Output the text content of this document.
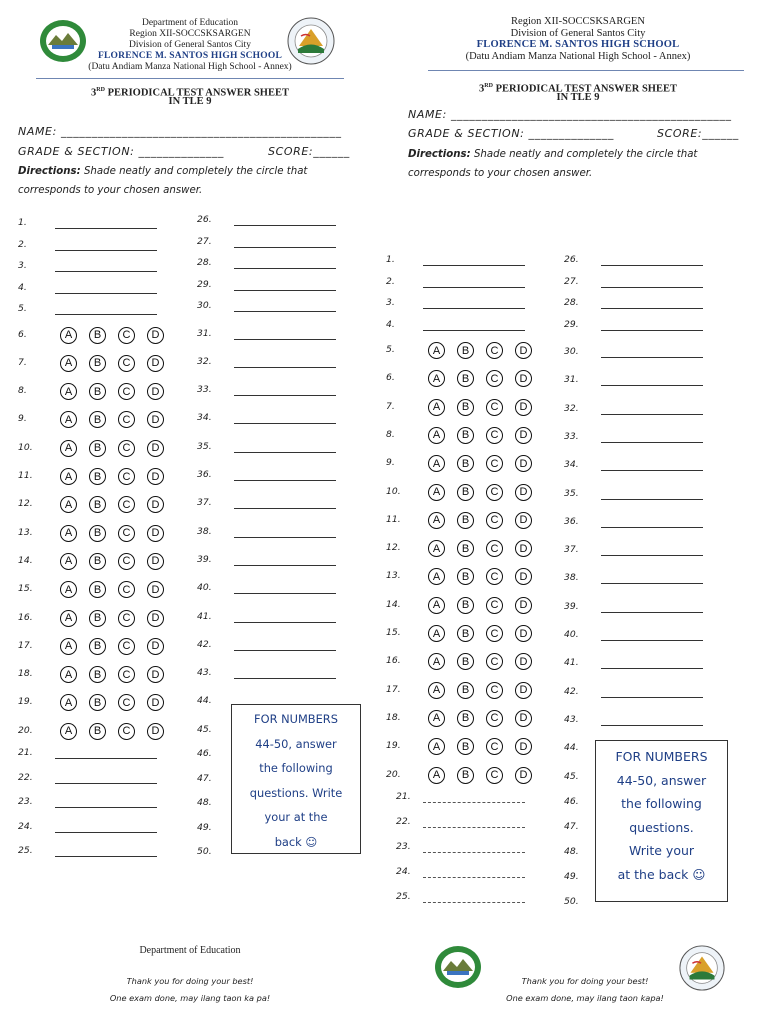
Department of Education
Region XII-SOCCSKSARGEN
Division of General Santos City
FLORENCE M. SANTOS HIGH SCHOOL
(Datu Andiam Manza National High School - Annex)
3RD PERIODICAL TEST ANSWER SHEET
IN TLE 9
NAME: ______________________________________________
GRADE & SECTION: ______________	SCORE:______
Directions: Shade neatly and completely the circle that corresponds to your chosen answer.
1.
2.
3.
4.
5.
6.	A	B	C	D
7.	A	B	C	D
8.	A	B	C	D
9.	A	B	C	D
10.	A	B	C	D
11.	A	B	C	D
12.	A	B	C	D
13.	A	B	C	D
14.	A	B	C	D
15.	A	B	C	D
16.	A	B	C	D
17.	A	B	C	D
18.	A	B	C	D
19.	A	B	C	D
20.	A	B	C	D
21.
22.
23.
24.
25.
26.
27.
28.
29.
30.
31.
32.
33.
34.
35.
36.
37.
38.
39.
40.
41.
42.
43.
44.
45.
46.
47.
48.
49.
50.
FOR NUMBERS
44-50, answer
the following
questions. Write
your at the
back ☺
Department of Education
Thank you for doing your best!
One exam done, may ilang taon ka pa!
Region XII-SOCCSKSARGEN
Division of General Santos City
FLORENCE M. SANTOS HIGH SCHOOL
(Datu Andiam Manza National High School - Annex)
3RD PERIODICAL TEST ANSWER SHEET
IN TLE 9
NAME: ______________________________________________
GRADE & SECTION: ______________	SCORE:______
Directions: Shade neatly and completely the circle that corresponds to your chosen answer.
1.
2.
3.
4.
5.	A	B	C	D
6.	A	B	C	D
7.	A	B	C	D
8.	A	B	C	D
9.	A	B	C	D
10.	A	B	C	D
11.	A	B	C	D
12.	A	B	C	D
13.	A	B	C	D
14.	A	B	C	D
15.	A	B	C	D
16.	A	B	C	D
17.	A	B	C	D
18.	A	B	C	D
19.	A	B	C	D
20.	A	B	C	D
21.
22.
23.
24.
25.
26.
27.
28.
29.
30.
31.
32.
33.
34.
35.
36.
37.
38.
39.
40.
41.
42.
43.
44.
45.
46.
47.
48.
49.
50.
FOR NUMBERS
44-50, answer
the following
questions.
Write your
at the back ☺
Thank you for doing your best!
One exam done, may ilang taon kapa!
